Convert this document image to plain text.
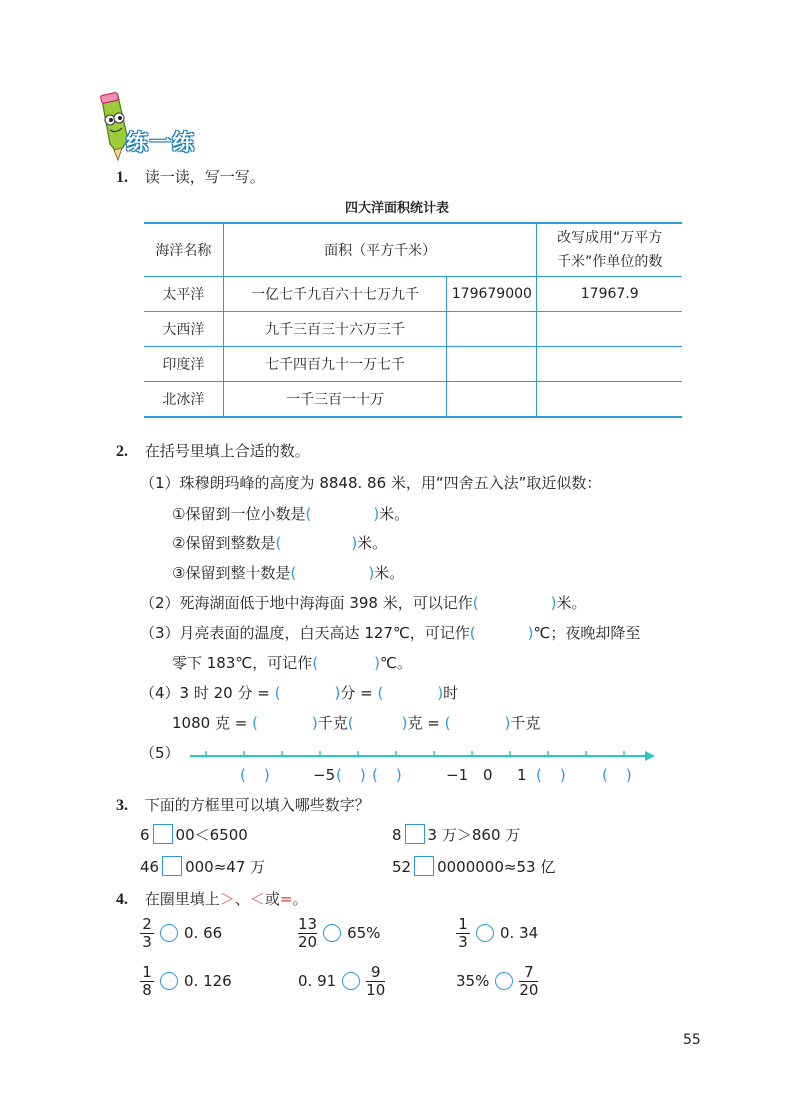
练一练
1. 读一读，写一写。
四大洋面积统计表
海洋名称	面积（平方千米）		改写成用“万平方
千米”作单位的数
太平洋	一亿七千九百六十七万九千	179679000	17967.9
大西洋	九千三百三十六万三千		
印度洋	七千四百九十一万七千		
北冰洋	一千三百一十万		
2. 在括号里填上合适的数。
（1）珠穆朗玛峰的高度为 8848. 86 米，用“四舍五入法”取近似数：
①保留到一位小数是(	)米。
②保留到整数是(	)米。
③保留到整十数是(	)米。
（2）死海湖面低于地中海海面 398 米，可以记作(	)米。
（3）月亮表面的温度，白天高达 127℃，可记作(	)℃；夜晚却降至
零下 183℃，可记作(	)℃。
（4）3 时 20 分 = (	)分 = (	)时
1080 克 = (	)千克(	)克 = (	)千克
（5）
( )	−5 ( ) ( )	−1 0 1 ( ) ( )
3. 下面的方框里可以填入哪些数字？
6 00＜6500	8 3 万＞860 万
46 000≈47 万	52 0000000≈53 亿
4. 在圈里填上＞、＜或=。
$\frac{2}{3} 0$. 66	$\frac{13}{20} 65\%$	$\frac{1}{3} 0$. 34
$\frac{1}{8} 0$. 126	0. $91 \frac{9}{10}$	$35\% \frac{7}{20}$
55
